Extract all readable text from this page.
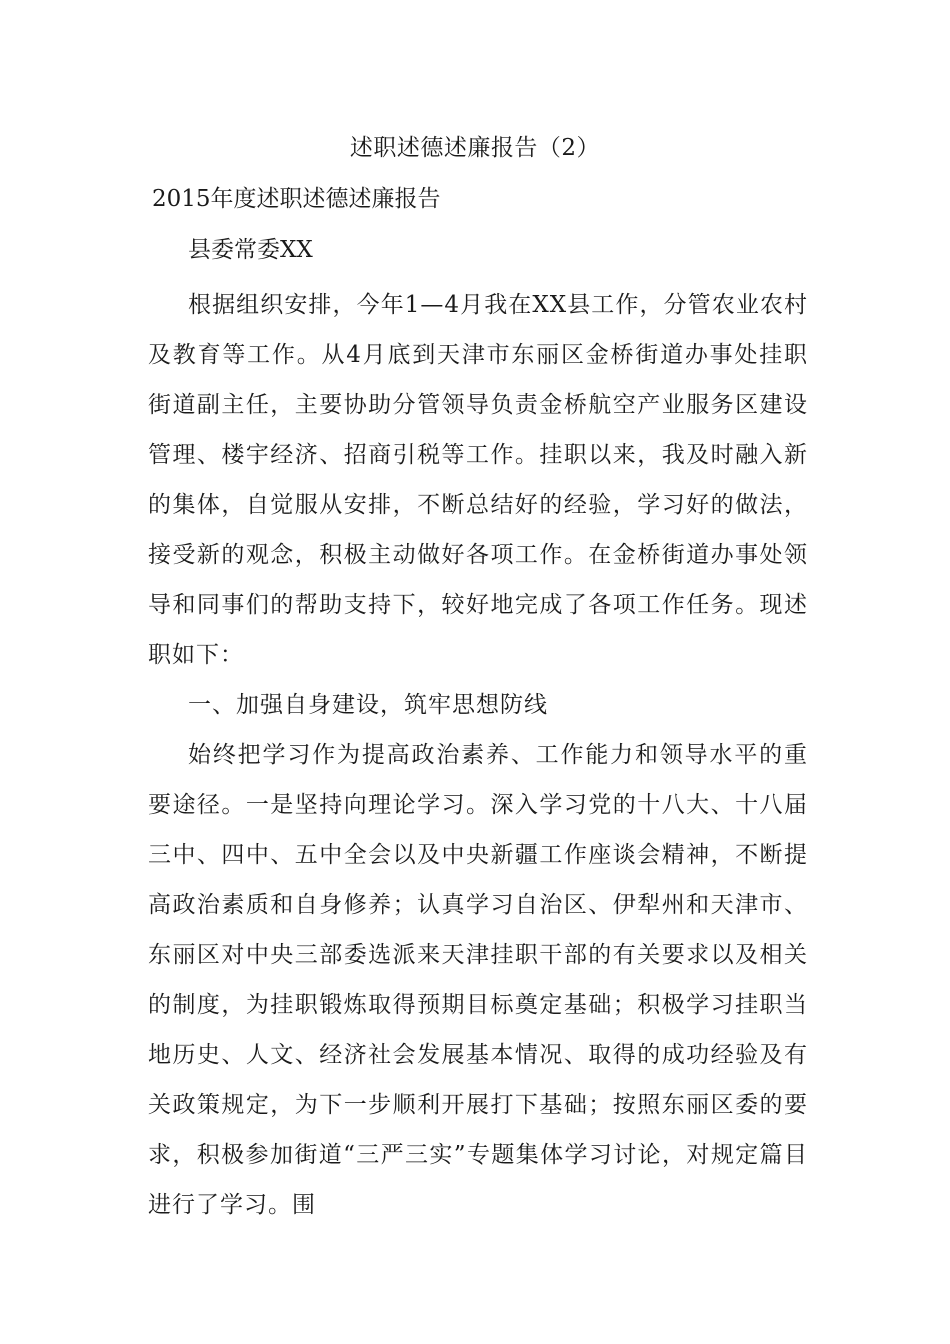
述职述德述廉报告（2）
2015年度述职述德述廉报告
县委常委XX

根据组织安排，今年1—4月我在XX县工作，分管农业农村及教育等工作。从4月底到天津市东丽区金桥街道办事处挂职街道副主任，主要协助分管领导负责金桥航空产业服务区建设管理、楼宇经济、招商引税等工作。挂职以来，我及时融入新的集体，自觉服从安排，不断总结好的经验，学习好的做法，接受新的观念，积极主动做好各项工作。在金桥街道办事处领导和同事们的帮助支持下，较好地完成了各项工作任务。现述职如下：

一、加强自身建设，筑牢思想防线

始终把学习作为提高政治素养、工作能力和领导水平的重要途径。一是坚持向理论学习。深入学习党的十八大、十八届三中、四中、五中全会以及中央新疆工作座谈会精神，不断提高政治素质和自身修养；认真学习自治区、伊犁州和天津市、东丽区对中央三部委选派来天津挂职干部的有关要求以及相关的制度，为挂职锻炼取得预期目标奠定基础；积极学习挂职当地历史、人文、经济社会发展基本情况、取得的成功经验及有关政策规定，为下一步顺利开展打下基础；按照东丽区委的要求，积极参加街道“三严三实”专题集体学习讨论，对规定篇目进行了学习。围
